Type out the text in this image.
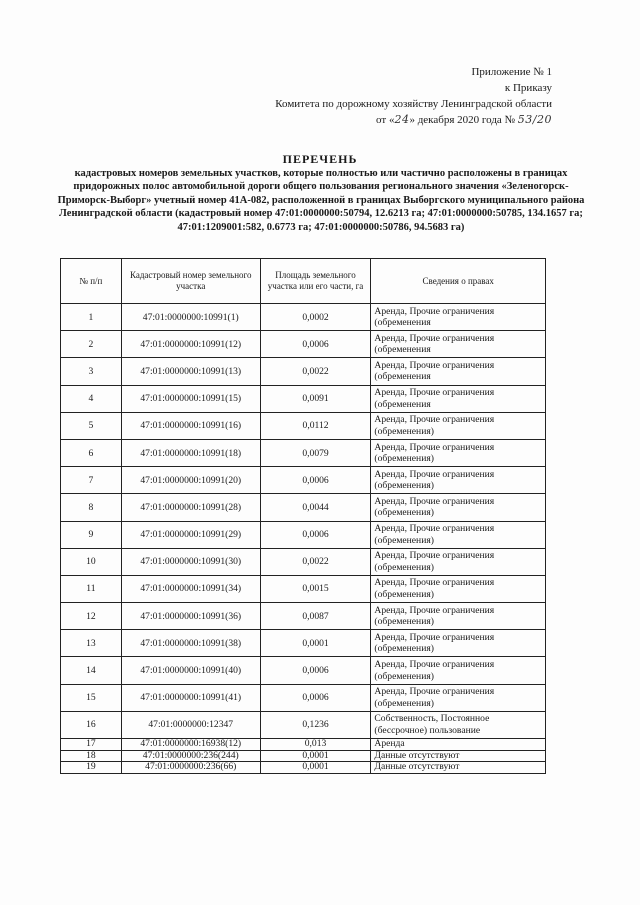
Приложение № 1
к Приказу
Комитета по дорожному хозяйству Ленинградской области
от «24» декабря 2020 года № 53/20
ПЕРЕЧЕНЬ
кадастровых номеров земельных участков, которые полностью или частично расположены в границах придорожных полос автомобильной дороги общего пользования регионального значения «Зеленогорск-Приморск-Выборг» учетный номер 41А-082, расположенной в границах Выборгского муниципального района Ленинградской области (кадастровый номер 47:01:0000000:50794, 12.6213 га; 47:01:0000000:50785, 134.1657 га; 47:01:1209001:582, 0.6773 га; 47:01:0000000:50786, 94.5683 га)
№ п/п	Кадастровый номер земельного участка	Площадь земельного участка или его части, га	Сведения о правах
1	47:01:0000000:10991(1)	0,0002	Аренда, Прочие ограничения (обременения
2	47:01:0000000:10991(12)	0,0006	Аренда, Прочие ограничения (обременения
3	47:01:0000000:10991(13)	0,0022	Аренда, Прочие ограничения (обременения
4	47:01:0000000:10991(15)	0,0091	Аренда, Прочие ограничения (обременения
5	47:01:0000000:10991(16)	0,0112	Аренда, Прочие ограничения (обременения)
6	47:01:0000000:10991(18)	0,0079	Аренда, Прочие ограничения (обременения)
7	47:01:0000000:10991(20)	0,0006	Аренда, Прочие ограничения (обременения)
8	47:01:0000000:10991(28)	0,0044	Аренда, Прочие ограничения (обременения)
9	47:01:0000000:10991(29)	0,0006	Аренда, Прочие ограничения (обременения)
10	47:01:0000000:10991(30)	0,0022	Аренда, Прочие ограничения (обременения)
11	47:01:0000000:10991(34)	0,0015	Аренда, Прочие ограничения (обременения)
12	47:01:0000000:10991(36)	0,0087	Аренда, Прочие ограничения (обременения)
13	47:01:0000000:10991(38)	0,0001	Аренда, Прочие ограничения (обременения)
14	47:01:0000000:10991(40)	0,0006	Аренда, Прочие ограничения (обременения)
15	47:01:0000000:10991(41)	0,0006	Аренда, Прочие ограничения (обременения)
16	47:01:0000000:12347	0,1236	Собственность, Постоянное (бессрочное) пользование
17	47:01:0000000:16938(12)	0,013	Аренда
18	47:01:0000000:236(244)	0,0001	Данные отсутствуют
19	47:01:0000000:236(66)	0,0001	Данные отсутствуют
